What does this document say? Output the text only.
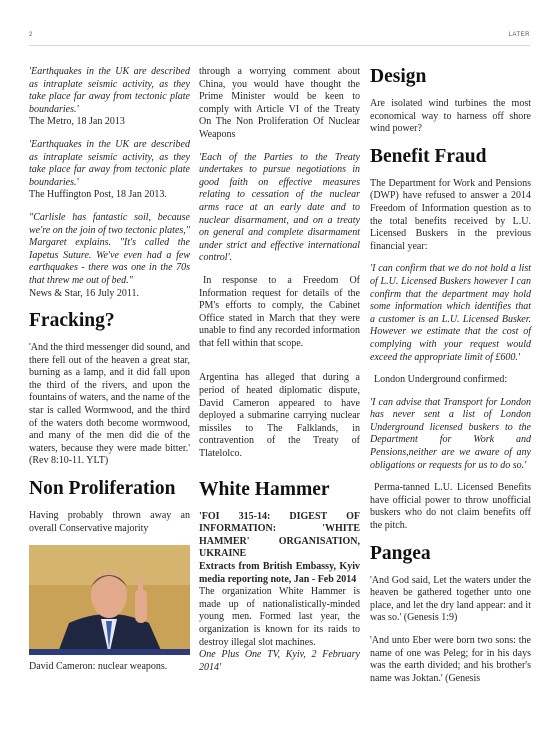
2	LATER

'Earthquakes in the UK are described as intraplate seismic activity, as they take place far away from tectonic plate boundaries.'

The Metro, 18 Jan 2013

'Earthquakes in the UK are described as intraplate seismic activity, as they take place far away from tectonic plate boundaries.'

The Huffington Post, 18 Jan 2013.

"Carlisle has fantastic soil, because we're on the join of two tectonic plates," Margaret explains. "It's called the Iapetus Suture. We've even had a few earthquakes - there was one in the 70s that threw me out of bed."

News & Star, 16 July 2011.

Fracking?

'And the third messenger did sound, and there fell out of the heaven a great star, burning as a lamp, and it did fall upon the third of the rivers, and upon the fountains of waters, and the name of the star is called Wormwood, and the third of the waters doth become wormwood, and many of the men did die of the waters, because they were made bitter.' (Rev 8:10-11. YLT)

Non Proliferation

Having probably thrown away an overall Conservative majority

David Cameron: nuclear weapons.

through a worrying comment about China, you would have thought the Prime Minister would be keen to comply with Article VI of the Treaty On The Non Proliferation Of Nuclear Weapons

'Each of the Parties to the Treaty undertakes to pursue negotiations in good faith on effective measures relating to cessation of the nuclear arms race at an early date and to nuclear disarmament, and on a treaty on general and complete disarmament under strict and effective international control'.

In response to a Freedom Of Information request for details of the PM's efforts to comply, the Cabinet Office stated in March that they were unable to find any recorded information that fell within that scope.

Argentina has alleged that during a period of heated diplomatic dispute, David Cameron appeared to have deployed a submarine carrying nuclear missiles to The Falklands, in contravention of the Treaty of Tlatelolco.

White Hammer

'FOI 315-14: DIGEST OF INFORMATION: 'WHITE HAMMER' ORGANISATION, UKRAINE

Extracts from British Embassy, Kyiv media reporting note, Jan - Feb 2014

The organization White Hammer is made up of nationalistically-minded young men. Formed last year, the organization is known for its raids to destroy illegal slot machines.

One Plus One TV, Kyiv, 2 February 2014'

Design

Are isolated wind turbines the most economical way to harness off shore wind power?

Benefit Fraud

The Department for Work and Pensions (DWP) have refused to answer a 2014 Freedom of Information question as to the total benefits received by L.U. Licensed Buskers in the previous financial year:

'I can confirm that we do not hold a list of L.U. Licensed Buskers however I can confirm that the department may hold some information which identifies that a customer is an L.U. Licensed Busker. However we estimate that the cost of complying with your request would exceed the appropriate limit of £600.'

London Underground confirmed:

'I can advise that Transport for London has never sent a list of London Underground licensed buskers to the Department for Work and Pensions,neither are we aware of any obligations or requests for us to do so.'

Perma-tanned L.U. Licensed Benefits have official power to throw unofficial buskers who do not claim benefits off the pitch.

Pangea

'And God said, Let the waters under the heaven be gathered together unto one place, and let the dry land appear: and it was so.' (Genesis 1:9)

'And unto Eber were born two sons: the name of one was Peleg; for in his days was the earth divided; and his brother's name was Joktan.' (Genesis
